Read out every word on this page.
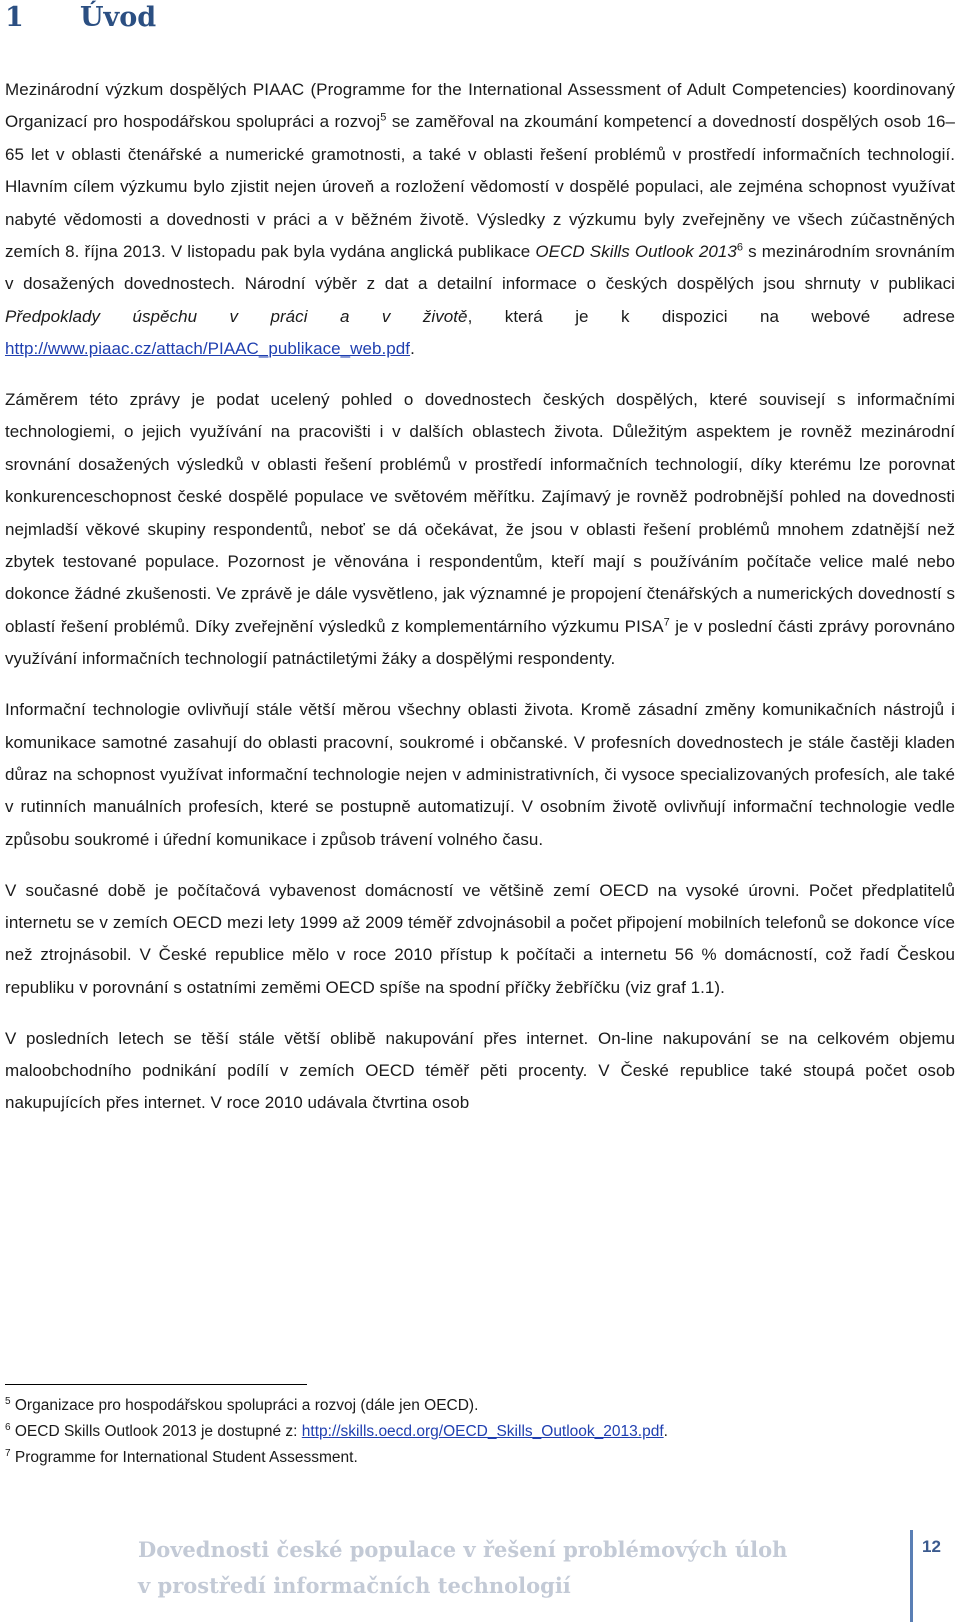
1 Úvod

Mezinárodní výzkum dospělých PIAAC (Programme for the International Assessment of Adult Competencies) koordinovaný Organizací pro hospodářskou spolupráci a rozvoj$^5$ se zaměřoval na zkoumání kompetencí a dovedností dospělých osob 16–65 let v oblasti čtenářské a numerické gramotnosti, a také v oblasti řešení problémů v prostředí informačních technologií. Hlavním cílem výzkumu bylo zjistit nejen úroveň a rozložení vědomostí v dospělé populaci, ale zejména schopnost využívat nabyté vědomosti a dovednosti v práci a v běžném životě. Výsledky z výzkumu byly zveřejněny ve všech zúčastněných zemích 8. října 2013. V listopadu pak byla vydána anglická publikace OECD Skills Outlook 2013$^6$ s mezinárodním srovnáním v dosažených dovednostech. Národní výběr z dat a detailní informace o českých dospělých jsou shrnuty v publikaci Předpoklady úspěchu v práci a v životě, která je k dispozici na webové adrese http://www.piaac.cz/attach/PIAAC_publikace_web.pdf.

Záměrem této zprávy je podat ucelený pohled o dovednostech českých dospělých, které souvisejí s informačními technologiemi, o jejich využívání na pracovišti i v dalších oblastech života. Důležitým aspektem je rovněž mezinárodní srovnání dosažených výsledků v oblasti řešení problémů v prostředí informačních technologií, díky kterému lze porovnat konkurenceschopnost české dospělé populace ve světovém měřítku. Zajímavý je rovněž podrobnější pohled na dovednosti nejmladší věkové skupiny respondentů, neboť se dá očekávat, že jsou v oblasti řešení problémů mnohem zdatnější než zbytek testované populace. Pozornost je věnována i respondentům, kteří mají s používáním počítače velice malé nebo dokonce žádné zkušenosti. Ve zprávě je dále vysvětleno, jak významné je propojení čtenářských a numerických dovedností s oblastí řešení problémů. Díky zveřejnění výsledků z komplementárního výzkumu PISA$^7$ je v poslední části zprávy porovnáno využívání informačních technologií patnáctiletými žáky a dospělými respondenty.

Informační technologie ovlivňují stále větší měrou všechny oblasti života. Kromě zásadní změny komunikačních nástrojů i komunikace samotné zasahují do oblasti pracovní, soukromé i občanské. V profesních dovednostech je stále častěji kladen důraz na schopnost využívat informační technologie nejen v administrativních, či vysoce specializovaných profesích, ale také v rutinních manuálních profesích, které se postupně automatizují. V osobním životě ovlivňují informační technologie vedle způsobu soukromé i úřední komunikace i způsob trávení volného času.

V současné době je počítačová vybavenost domácností ve většině zemí OECD na vysoké úrovni. Počet předplatitelů internetu se v zemích OECD mezi lety 1999 až 2009 téměř zdvojnásobil a počet připojení mobilních telefonů se dokonce více než ztrojnásobil. V České republice mělo v roce 2010 přístup k počítači a internetu 56 % domácností, což řadí Českou republiku v porovnání s ostatními zeměmi OECD spíše na spodní příčky žebříčku (viz graf 1.1).

V posledních letech se těší stále větší oblibě nakupování přes internet. On-line nakupování se na celkovém objemu maloobchodního podnikání podílí v zemích OECD téměř pěti procenty. V České republice také stoupá počet osob nakupujících přes internet. V roce 2010 udávala čtvrtina osob

$^5$ Organizace pro hospodářskou spolupráci a rozvoj (dále jen OECD).
$^6$ OECD Skills Outlook 2013 je dostupné z: http://skills.oecd.org/OECD_Skills_Outlook_2013.pdf.
$^7$ Programme for International Student Assessment.
Dovednosti české populace v řešení problémových úloh
v prostředí informačních technologií
12
